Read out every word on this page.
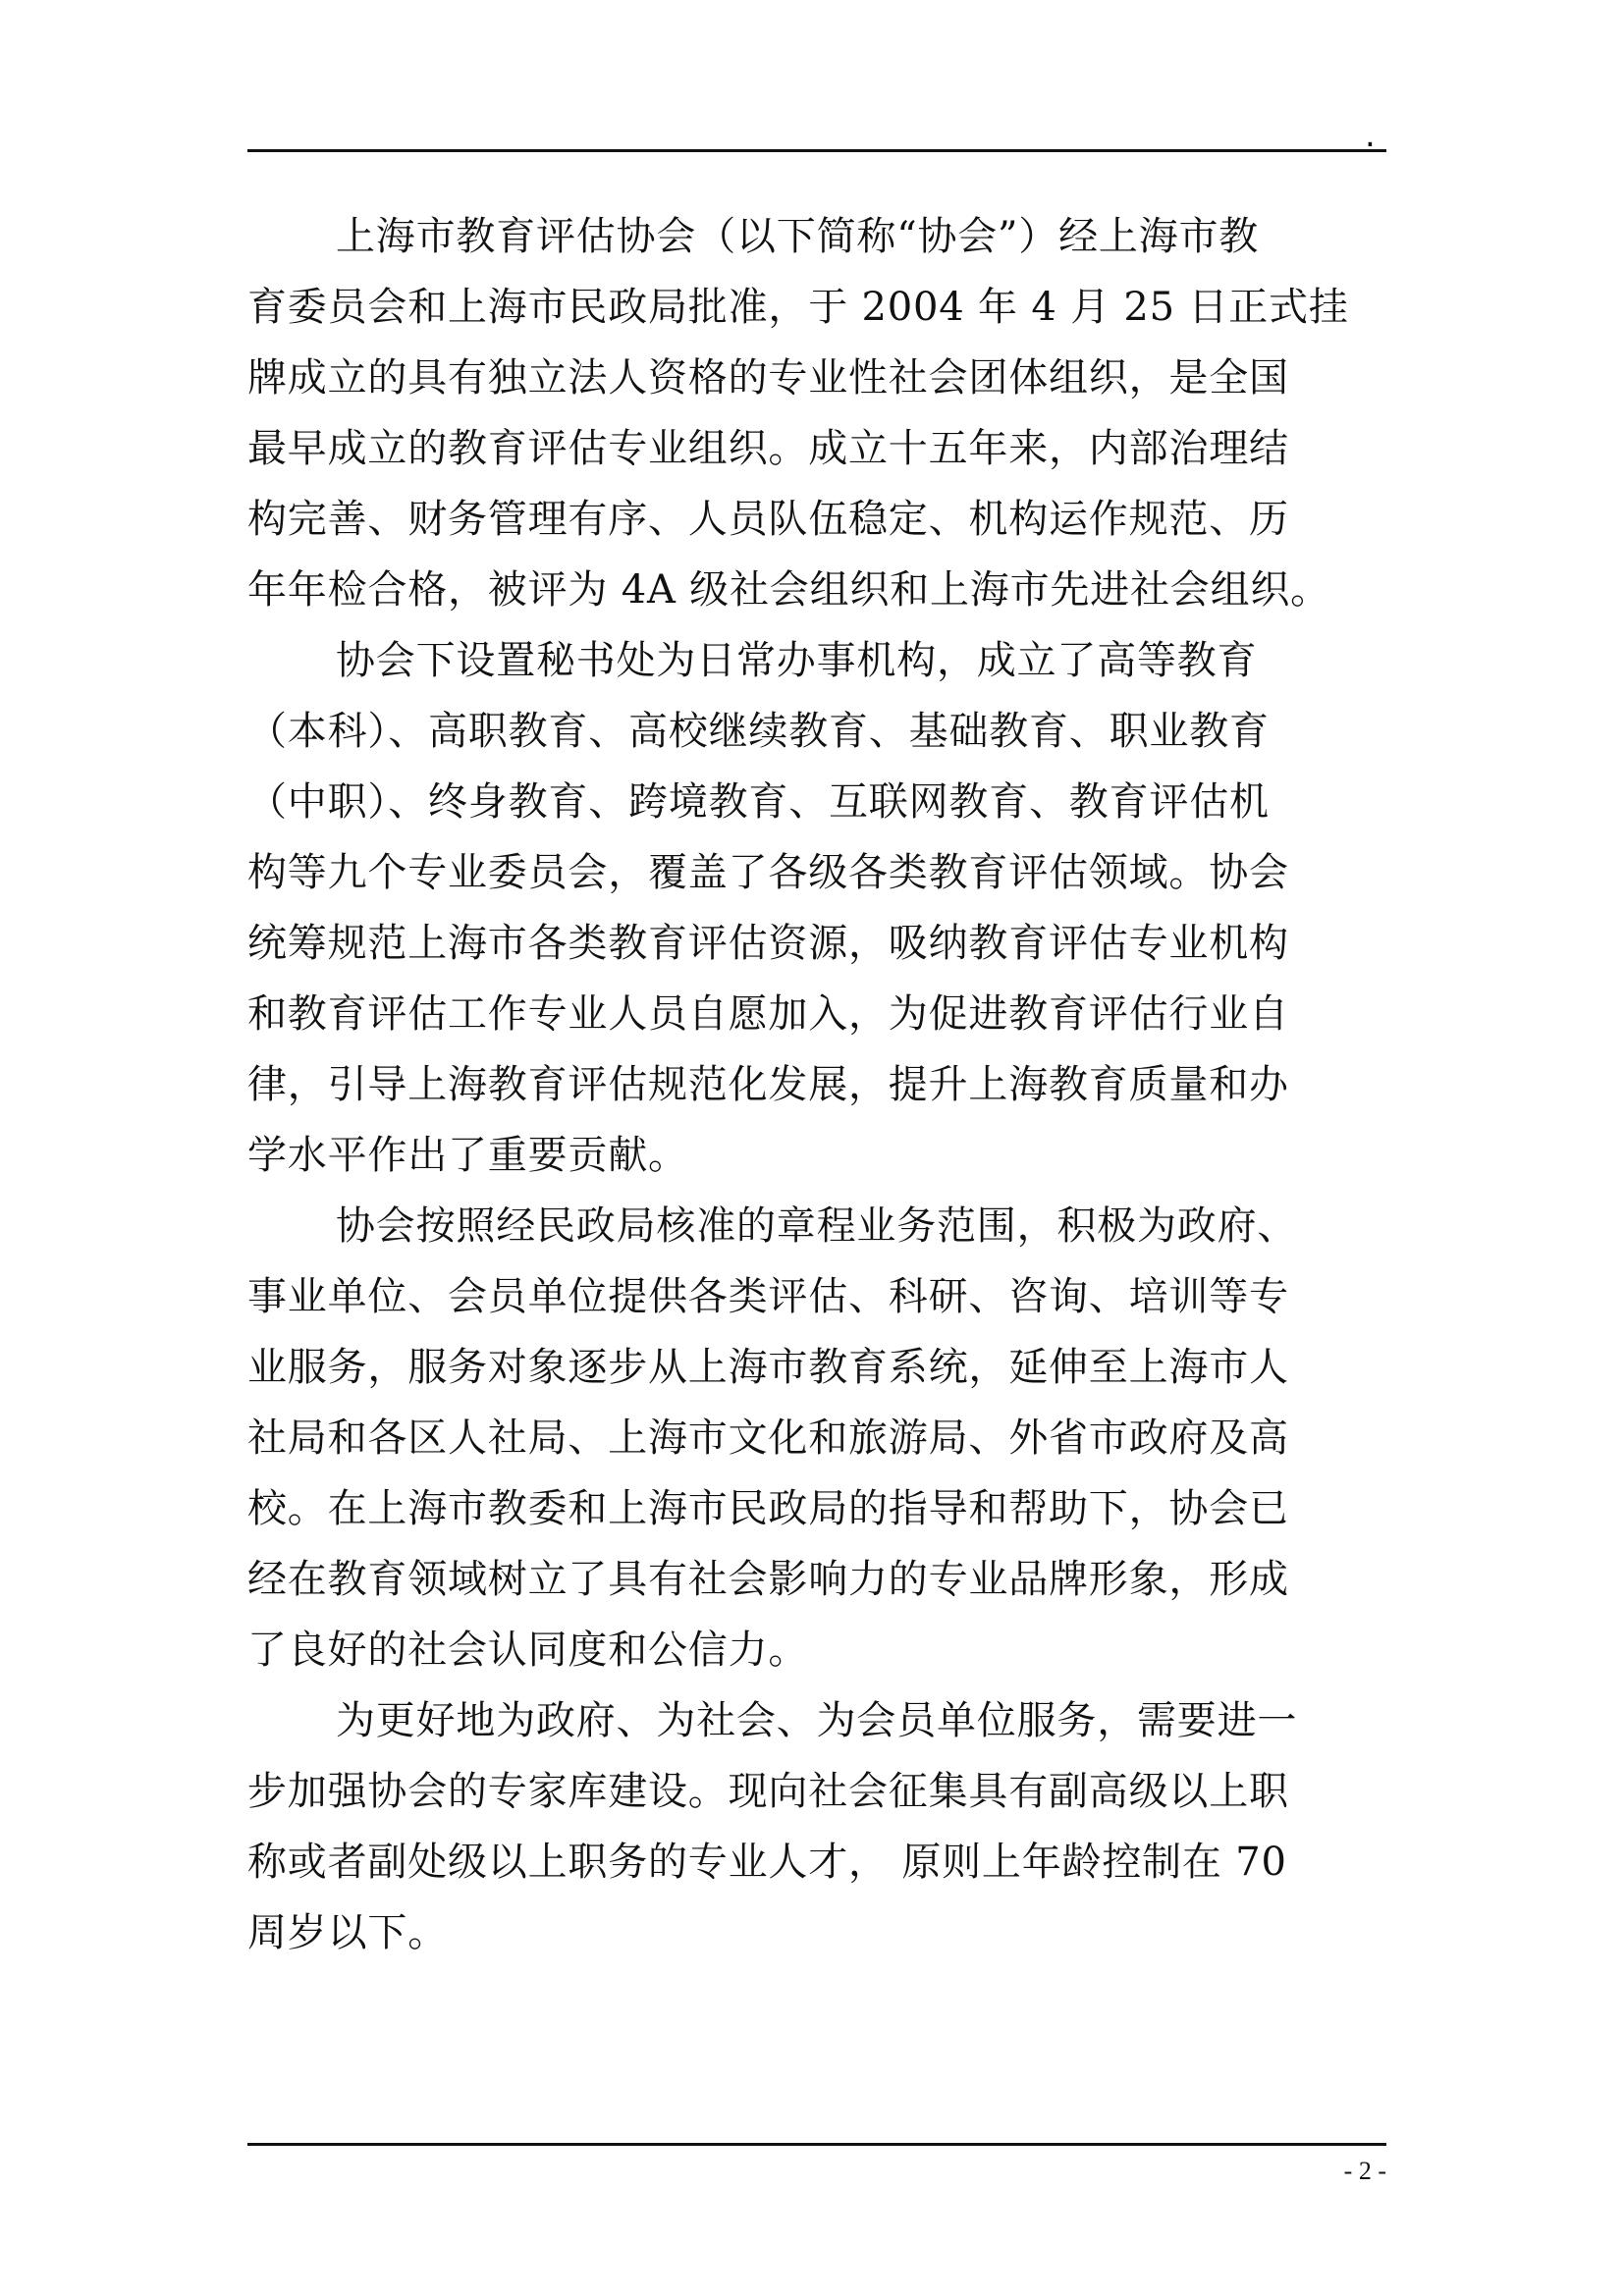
.
上海市教育评估协会（以下简称“协会”）经上海市教
育委员会和上海市民政局批准，于 2004 年 4 月 25 日正式挂
牌成立的具有独立法人资格的专业性社会团体组织，是全国
最早成立的教育评估专业组织。成立十五年来，内部治理结
构完善、财务管理有序、人员队伍稳定、机构运作规范、历
年年检合格，被评为 4A 级社会组织和上海市先进社会组织。
协会下设置秘书处为日常办事机构，成立了高等教育
（本科）、高职教育、高校继续教育、基础教育、职业教育
（中职）、终身教育、跨境教育、互联网教育、教育评估机
构等九个专业委员会，覆盖了各级各类教育评估领域。协会
统筹规范上海市各类教育评估资源，吸纳教育评估专业机构
和教育评估工作专业人员自愿加入，为促进教育评估行业自
律，引导上海教育评估规范化发展，提升上海教育质量和办
学水平作出了重要贡献。
协会按照经民政局核准的章程业务范围，积极为政府、
事业单位、会员单位提供各类评估、科研、咨询、培训等专
业服务，服务对象逐步从上海市教育系统，延伸至上海市人
社局和各区人社局、上海市文化和旅游局、外省市政府及高
校。在上海市教委和上海市民政局的指导和帮助下，协会已
经在教育领域树立了具有社会影响力的专业品牌形象，形成
了良好的社会认同度和公信力。
为更好地为政府、为社会、为会员单位服务，需要进一
步加强协会的专家库建设。现向社会征集具有副高级以上职
称或者副处级以上职务的专业人才， 原则上年龄控制在 70
周岁以下。
- 2 -
